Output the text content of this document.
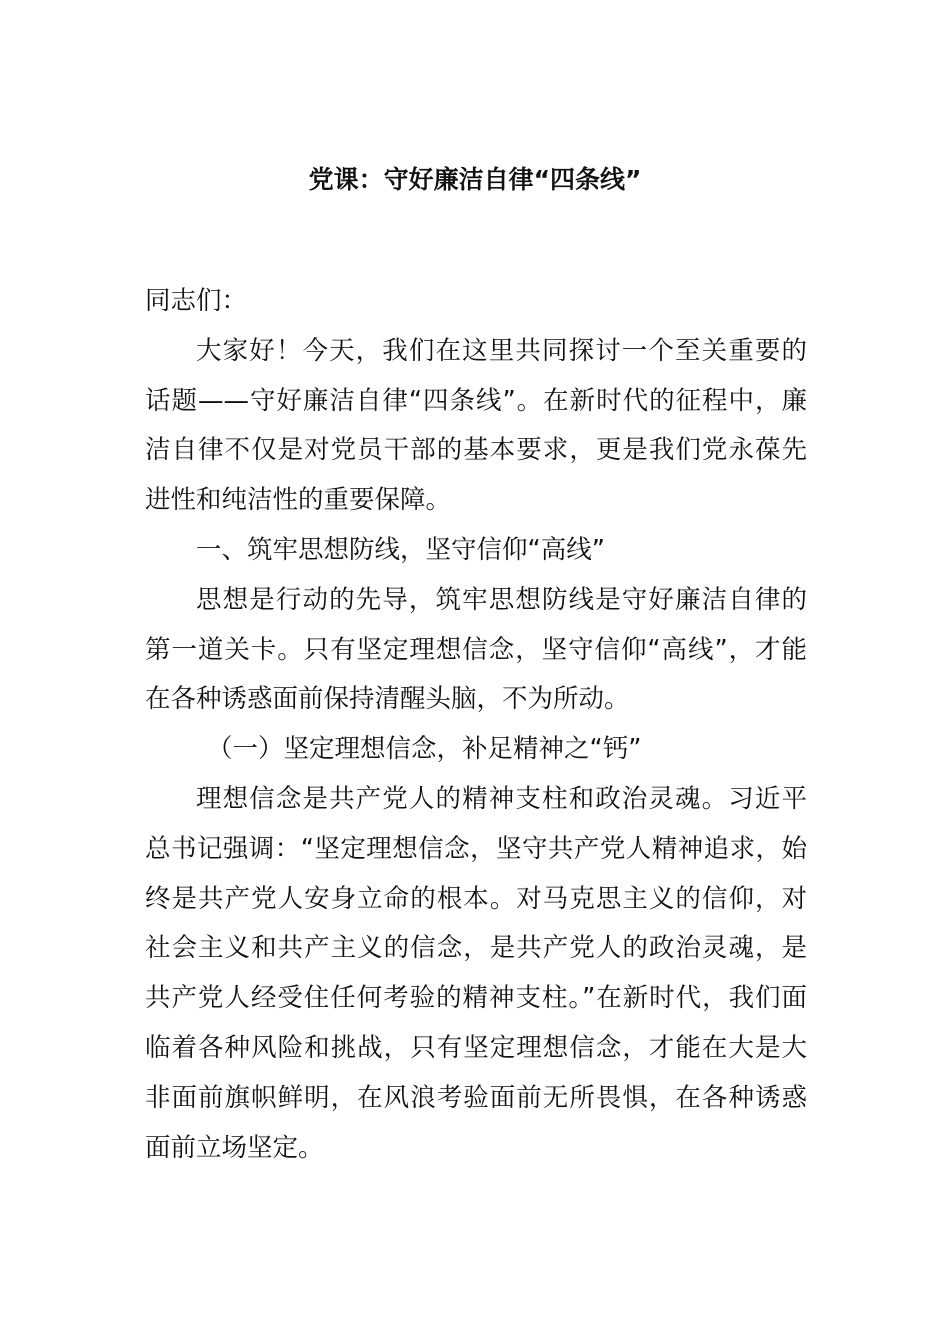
党课：守好廉洁自律“四条线”

同志们：

大家好！今天，我们在这里共同探讨一个至关重要的话题——守好廉洁自律“四条线”。在新时代的征程中，廉洁自律不仅是对党员干部的基本要求，更是我们党永葆先进性和纯洁性的重要保障。

一、筑牢思想防线，坚守信仰“高线”

思想是行动的先导，筑牢思想防线是守好廉洁自律的第一道关卡。只有坚定理想信念，坚守信仰“高线”，才能在各种诱惑面前保持清醒头脑，不为所动。

（一）坚定理想信念，补足精神之“钙”

理想信念是共产党人的精神支柱和政治灵魂。习近平总书记强调：“坚定理想信念，坚守共产党人精神追求，始终是共产党人安身立命的根本。对马克思主义的信仰，对社会主义和共产主义的信念，是共产党人的政治灵魂，是共产党人经受住任何考验的精神支柱。”在新时代，我们面临着各种风险和挑战，只有坚定理想信念，才能在大是大非面前旗帜鲜明，在风浪考验面前无所畏惧，在各种诱惑面前立场坚定。
